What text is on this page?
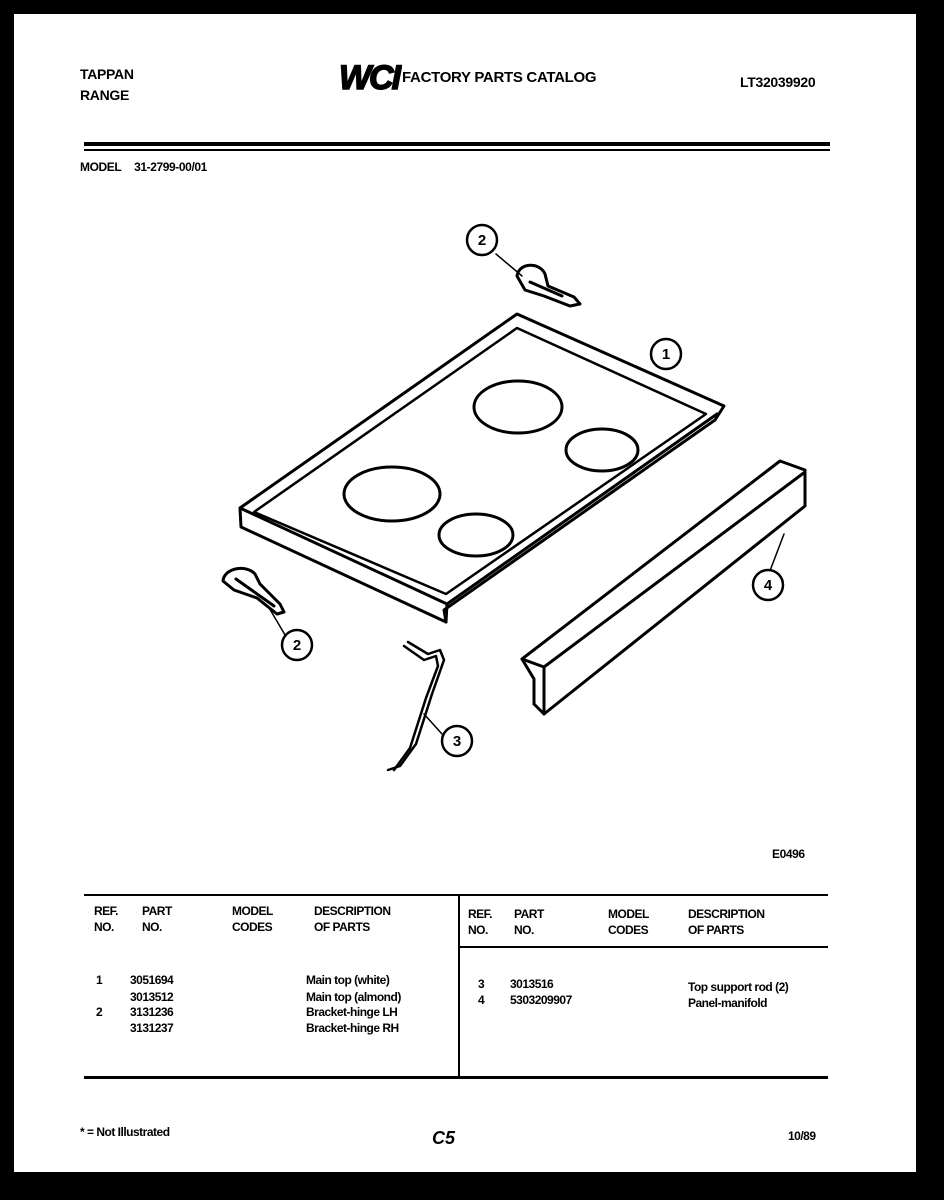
TAPPAN
RANGE	WCI FACTORY PARTS CATALOG	LT32039920
MODEL 31-2799-00/01
2
1
2
3
4
E0496
REF.
NO.
PART
NO.
MODEL
CODES
DESCRIPTION
OF PARTS
REF.
NO.
PART
NO.
MODEL
CODES
DESCRIPTION
OF PARTS
1 3051694	Main top (white)
3013512	Main top (almond)
2 3131236	Bracket-hinge LH
3131237	Bracket-hinge RH
3 3013516	Top support rod (2)
4 5303209907	Panel-manifold
* = Not Illustrated	C5	10/89
